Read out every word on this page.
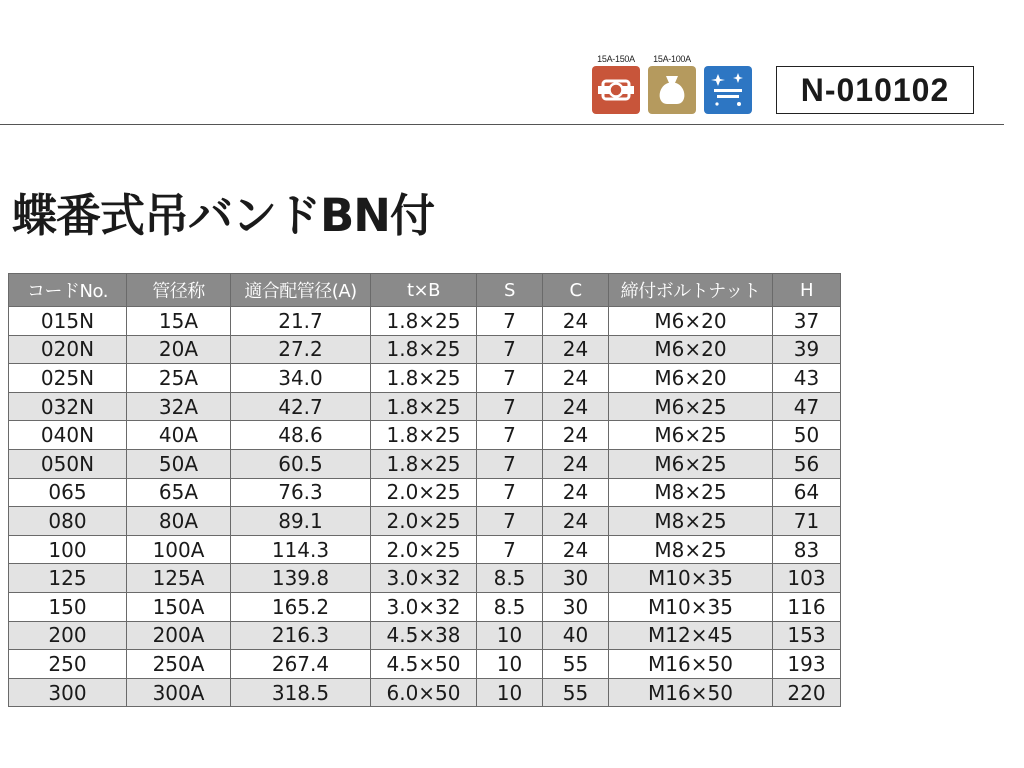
15A-150A 15A-100A
N-010102
蝶番式吊バンドBN付
コードNo.	管径称	適合配管径(A)	t×B	S	C	締付ボルトナット	H
015N	15A	21.7	1.8×25	7	24	M6×20	37
020N	20A	27.2	1.8×25	7	24	M6×20	39
025N	25A	34.0	1.8×25	7	24	M6×20	43
032N	32A	42.7	1.8×25	7	24	M6×25	47
040N	40A	48.6	1.8×25	7	24	M6×25	50
050N	50A	60.5	1.8×25	7	24	M6×25	56
065	65A	76.3	2.0×25	7	24	M8×25	64
080	80A	89.1	2.0×25	7	24	M8×25	71
100	100A	114.3	2.0×25	7	24	M8×25	83
125	125A	139.8	3.0×32	8.5	30	M10×35	103
150	150A	165.2	3.0×32	8.5	30	M10×35	116
200	200A	216.3	4.5×38	10	40	M12×45	153
250	250A	267.4	4.5×50	10	55	M16×50	193
300	300A	318.5	6.0×50	10	55	M16×50	220
